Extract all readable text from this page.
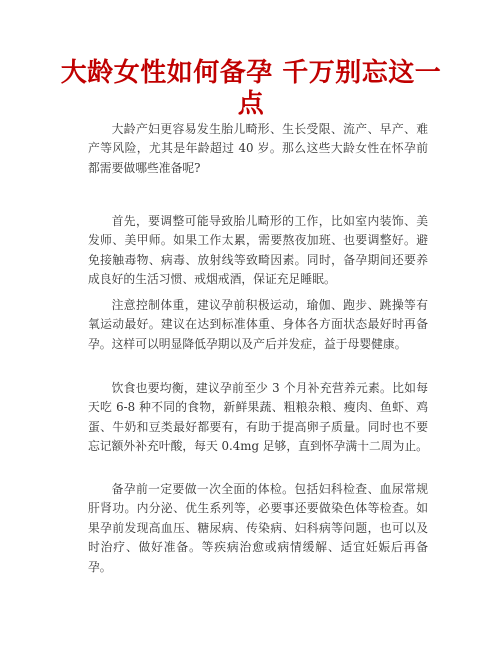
大龄女性如何备孕 千万别忘这一点

大龄产妇更容易发生胎儿畸形、生长受限、流产、早产、难产等风险，尤其是年龄超过 40 岁。那么这些大龄女性在怀孕前都需要做哪些准备呢?

首先，要调整可能导致胎儿畸形的工作，比如室内装饰、美发师、美甲师。如果工作太累，需要熬夜加班、也要调整好。避免接触毒物、病毒、放射线等致畸因素。同时，备孕期间还要养成良好的生活习惯、戒烟戒酒，保证充足睡眠。

注意控制体重，建议孕前积极运动，瑜伽、跑步、跳操等有氧运动最好。建议在达到标准体重、身体各方面状态最好时再备孕。这样可以明显降低孕期以及产后并发症，益于母婴健康。

饮食也要均衡，建议孕前至少 3 个月补充营养元素。比如每天吃 6-8 种不同的食物，新鲜果蔬、粗粮杂粮、瘦肉、鱼虾、鸡蛋、牛奶和豆类最好都要有，有助于提高卵子质量。同时也不要忘记额外补充叶酸，每天 0.4mg 足够，直到怀孕满十二周为止。

备孕前一定要做一次全面的体检。包括妇科检查、血尿常规肝肾功。内分泌、优生系列等，必要事还要做染色体等检查。如果孕前发现高血压、糖尿病、传染病、妇科病等问题，也可以及时治疗、做好准备。等疾病治愈或病情缓解、适宜妊娠后再备孕。
